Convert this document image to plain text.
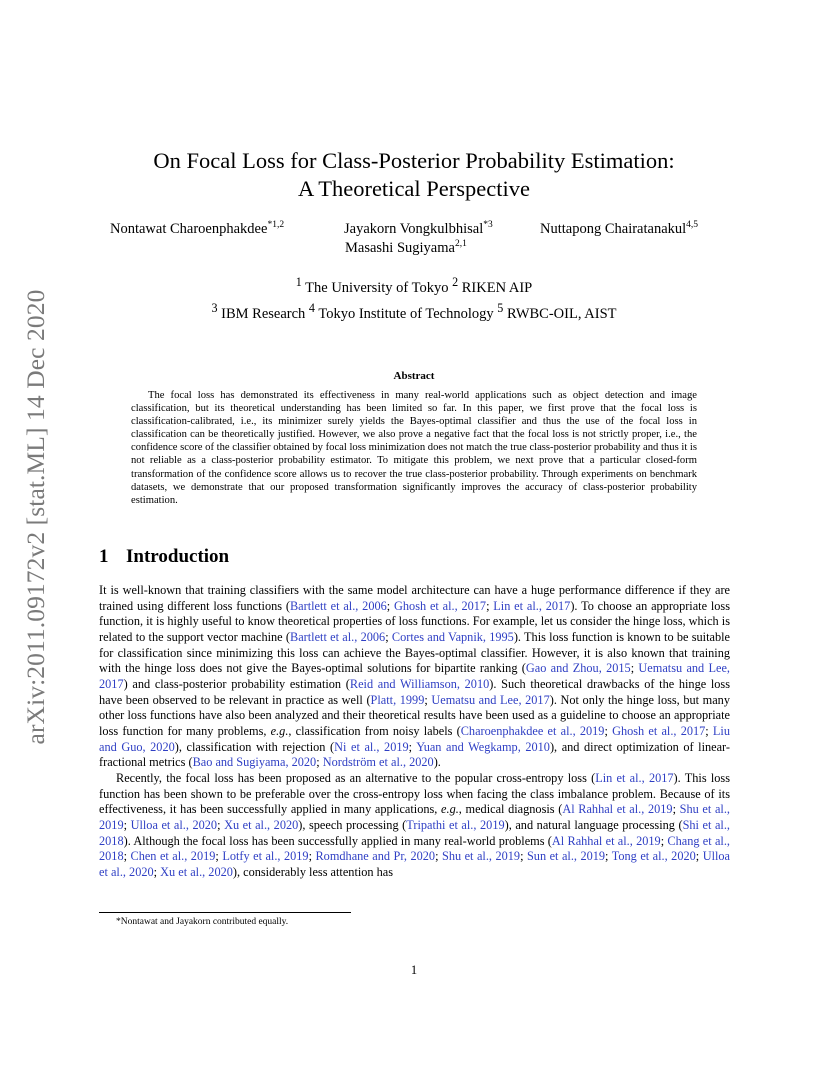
arXiv:2011.09172v2 [stat.ML] 14 Dec 2020
On Focal Loss for Class-Posterior Probability Estimation:
A Theoretical Perspective
Nontawat Charoenphakdee$^{*1,2}$	Jayakorn Vongkulbhisal$^{*3}$	Nuttapong Chairatanakul$^{4,5}$
Masashi Sugiyama$^{2,1}$
$^1$ The University of Tokyo $^2$ RIKEN AIP
$^3$ IBM Research $^4$ Tokyo Institute of Technology $^5$ RWBC-OIL, AIST
Abstract

The focal loss has demonstrated its effectiveness in many real-world applications such as object detection and image classification, but its theoretical understanding has been limited so far. In this paper, we first prove that the focal loss is classification-calibrated, i.e., its minimizer surely yields the Bayes-optimal classifier and thus the use of the focal loss in classification can be theoretically justified. However, we also prove a negative fact that the focal loss is not strictly proper, i.e., the confidence score of the classifier obtained by focal loss minimization does not match the true class-posterior probability and thus it is not reliable as a class-posterior probability estimator. To mitigate this problem, we next prove that a particular closed-form transformation of the confidence score allows us to recover the true class-posterior probability. Through experiments on benchmark datasets, we demonstrate that our proposed transformation significantly improves the accuracy of class-posterior probability estimation.

1 Introduction

It is well-known that training classifiers with the same model architecture can have a huge performance difference if they are trained using different loss functions (Bartlett et al., 2006; Ghosh et al., 2017; Lin et al., 2017). To choose an appropriate loss function, it is highly useful to know theoretical properties of loss functions. For example, let us consider the hinge loss, which is related to the support vector machine (Bartlett et al., 2006; Cortes and Vapnik, 1995). This loss function is known to be suitable for classification since minimizing this loss can achieve the Bayes-optimal classifier. However, it is also known that training with the hinge loss does not give the Bayes-optimal solutions for bipartite ranking (Gao and Zhou, 2015; Uematsu and Lee, 2017) and class-posterior probability estimation (Reid and Williamson, 2010). Such theoretical drawbacks of the hinge loss have been observed to be relevant in practice as well (Platt, 1999; Uematsu and Lee, 2017). Not only the hinge loss, but many other loss functions have also been analyzed and their theoretical results have been used as a guideline to choose an appropriate loss function for many problems, e.g., classification from noisy labels (Charoenphakdee et al., 2019; Ghosh et al., 2017; Liu and Guo, 2020), classification with rejection (Ni et al., 2019; Yuan and Wegkamp, 2010), and direct optimization of linear-fractional metrics (Bao and Sugiyama, 2020; Nordström et al., 2020).

Recently, the focal loss has been proposed as an alternative to the popular cross-entropy loss (Lin et al., 2017). This loss function has been shown to be preferable over the cross-entropy loss when facing the class imbalance problem. Because of its effectiveness, it has been successfully applied in many applications, e.g., medical diagnosis (Al Rahhal et al., 2019; Shu et al., 2019; Ulloa et al., 2020; Xu et al., 2020), speech processing (Tripathi et al., 2019), and natural language processing (Shi et al., 2018). Although the focal loss has been successfully applied in many real-world problems (Al Rahhal et al., 2019; Chang et al., 2018; Chen et al., 2019; Lotfy et al., 2019; Romdhane and Pr, 2020; Shu et al., 2019; Sun et al., 2019; Tong et al., 2020; Ulloa et al., 2020; Xu et al., 2020), considerably less attention has

*Nontawat and Jayakorn contributed equally.
1
